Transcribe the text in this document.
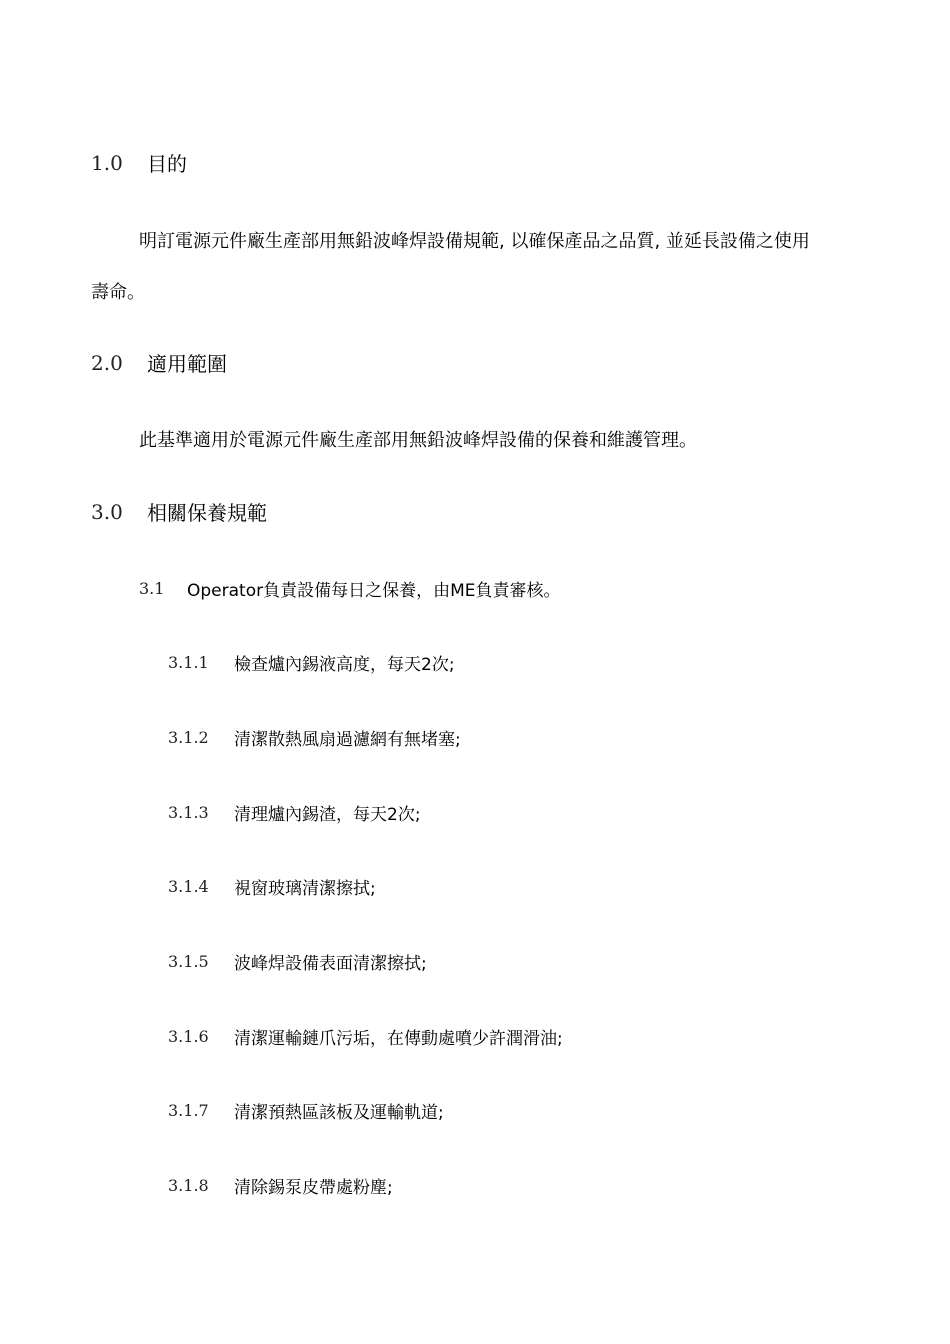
1.0 目的
明訂電源元件廠生產部用無鉛波峰焊設備規範, 以確保產品之品質, 並延長設備之使用
壽命。
2.0 適用範圍
此基準適用於電源元件廠生產部用無鉛波峰焊設備的保養和維護管理。
3.0 相關保養規範
3.1 Operator負責設備每日之保養，由ME負責審核。
3.1.1 檢查爐內錫液高度，每天2次;
3.1.2 清潔散熱風扇過濾網有無堵塞;
3.1.3 清理爐內錫渣，每天2次;
3.1.4 視窗玻璃清潔擦拭;
3.1.5 波峰焊設備表面清潔擦拭;
3.1.6 清潔運輸鏈爪污垢，在傳動處噴少許潤滑油;
3.1.7 清潔預熱區該板及運輸軌道;
3.1.8 清除錫泵皮帶處粉塵;
